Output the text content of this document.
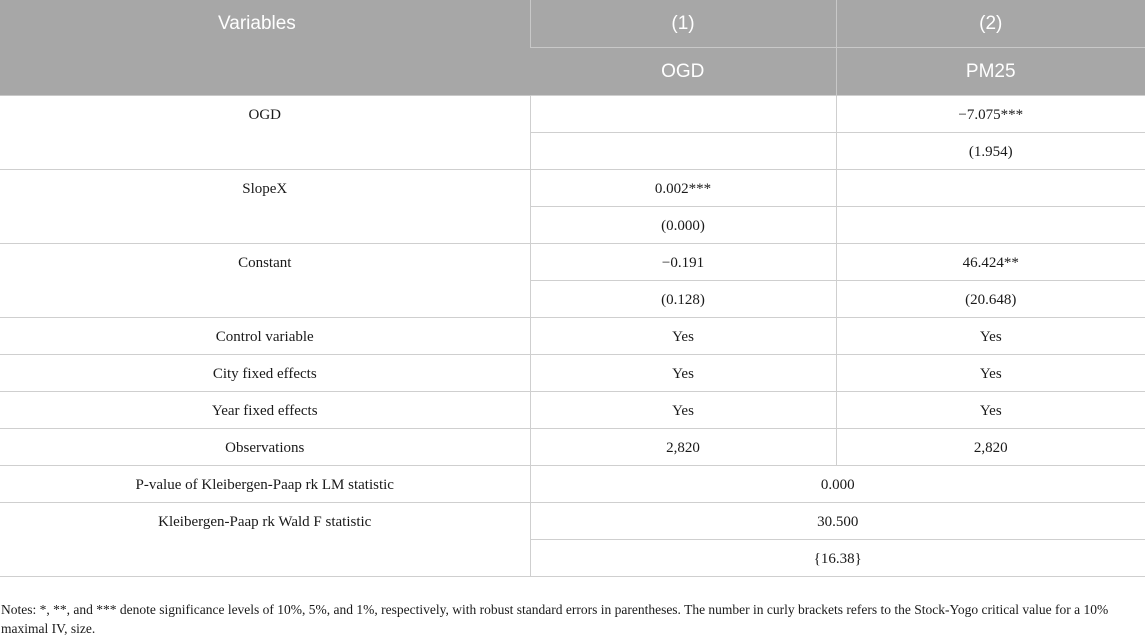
Variables	(1)	(2)
	OGD	PM25
OGD		−7.075***
		(1.954)
SlopeX	0.002***	
	(0.000)	
Constant	−0.191	46.424**
	(0.128)	(20.648)
Control variable	Yes	Yes
City fixed effects	Yes	Yes
Year fixed effects	Yes	Yes
Observations	2,820	2,820
P-value of Kleibergen-Paap rk LM statistic	0.000	
Kleibergen-Paap rk Wald F statistic	30.500	
	{16.38}	
Notes: *, **, and *** denote significance levels of 10%, 5%, and 1%, respectively, with robust standard errors in parentheses. The number in curly brackets refers to the Stock-Yogo critical value for a 10% maximal IV, size.
